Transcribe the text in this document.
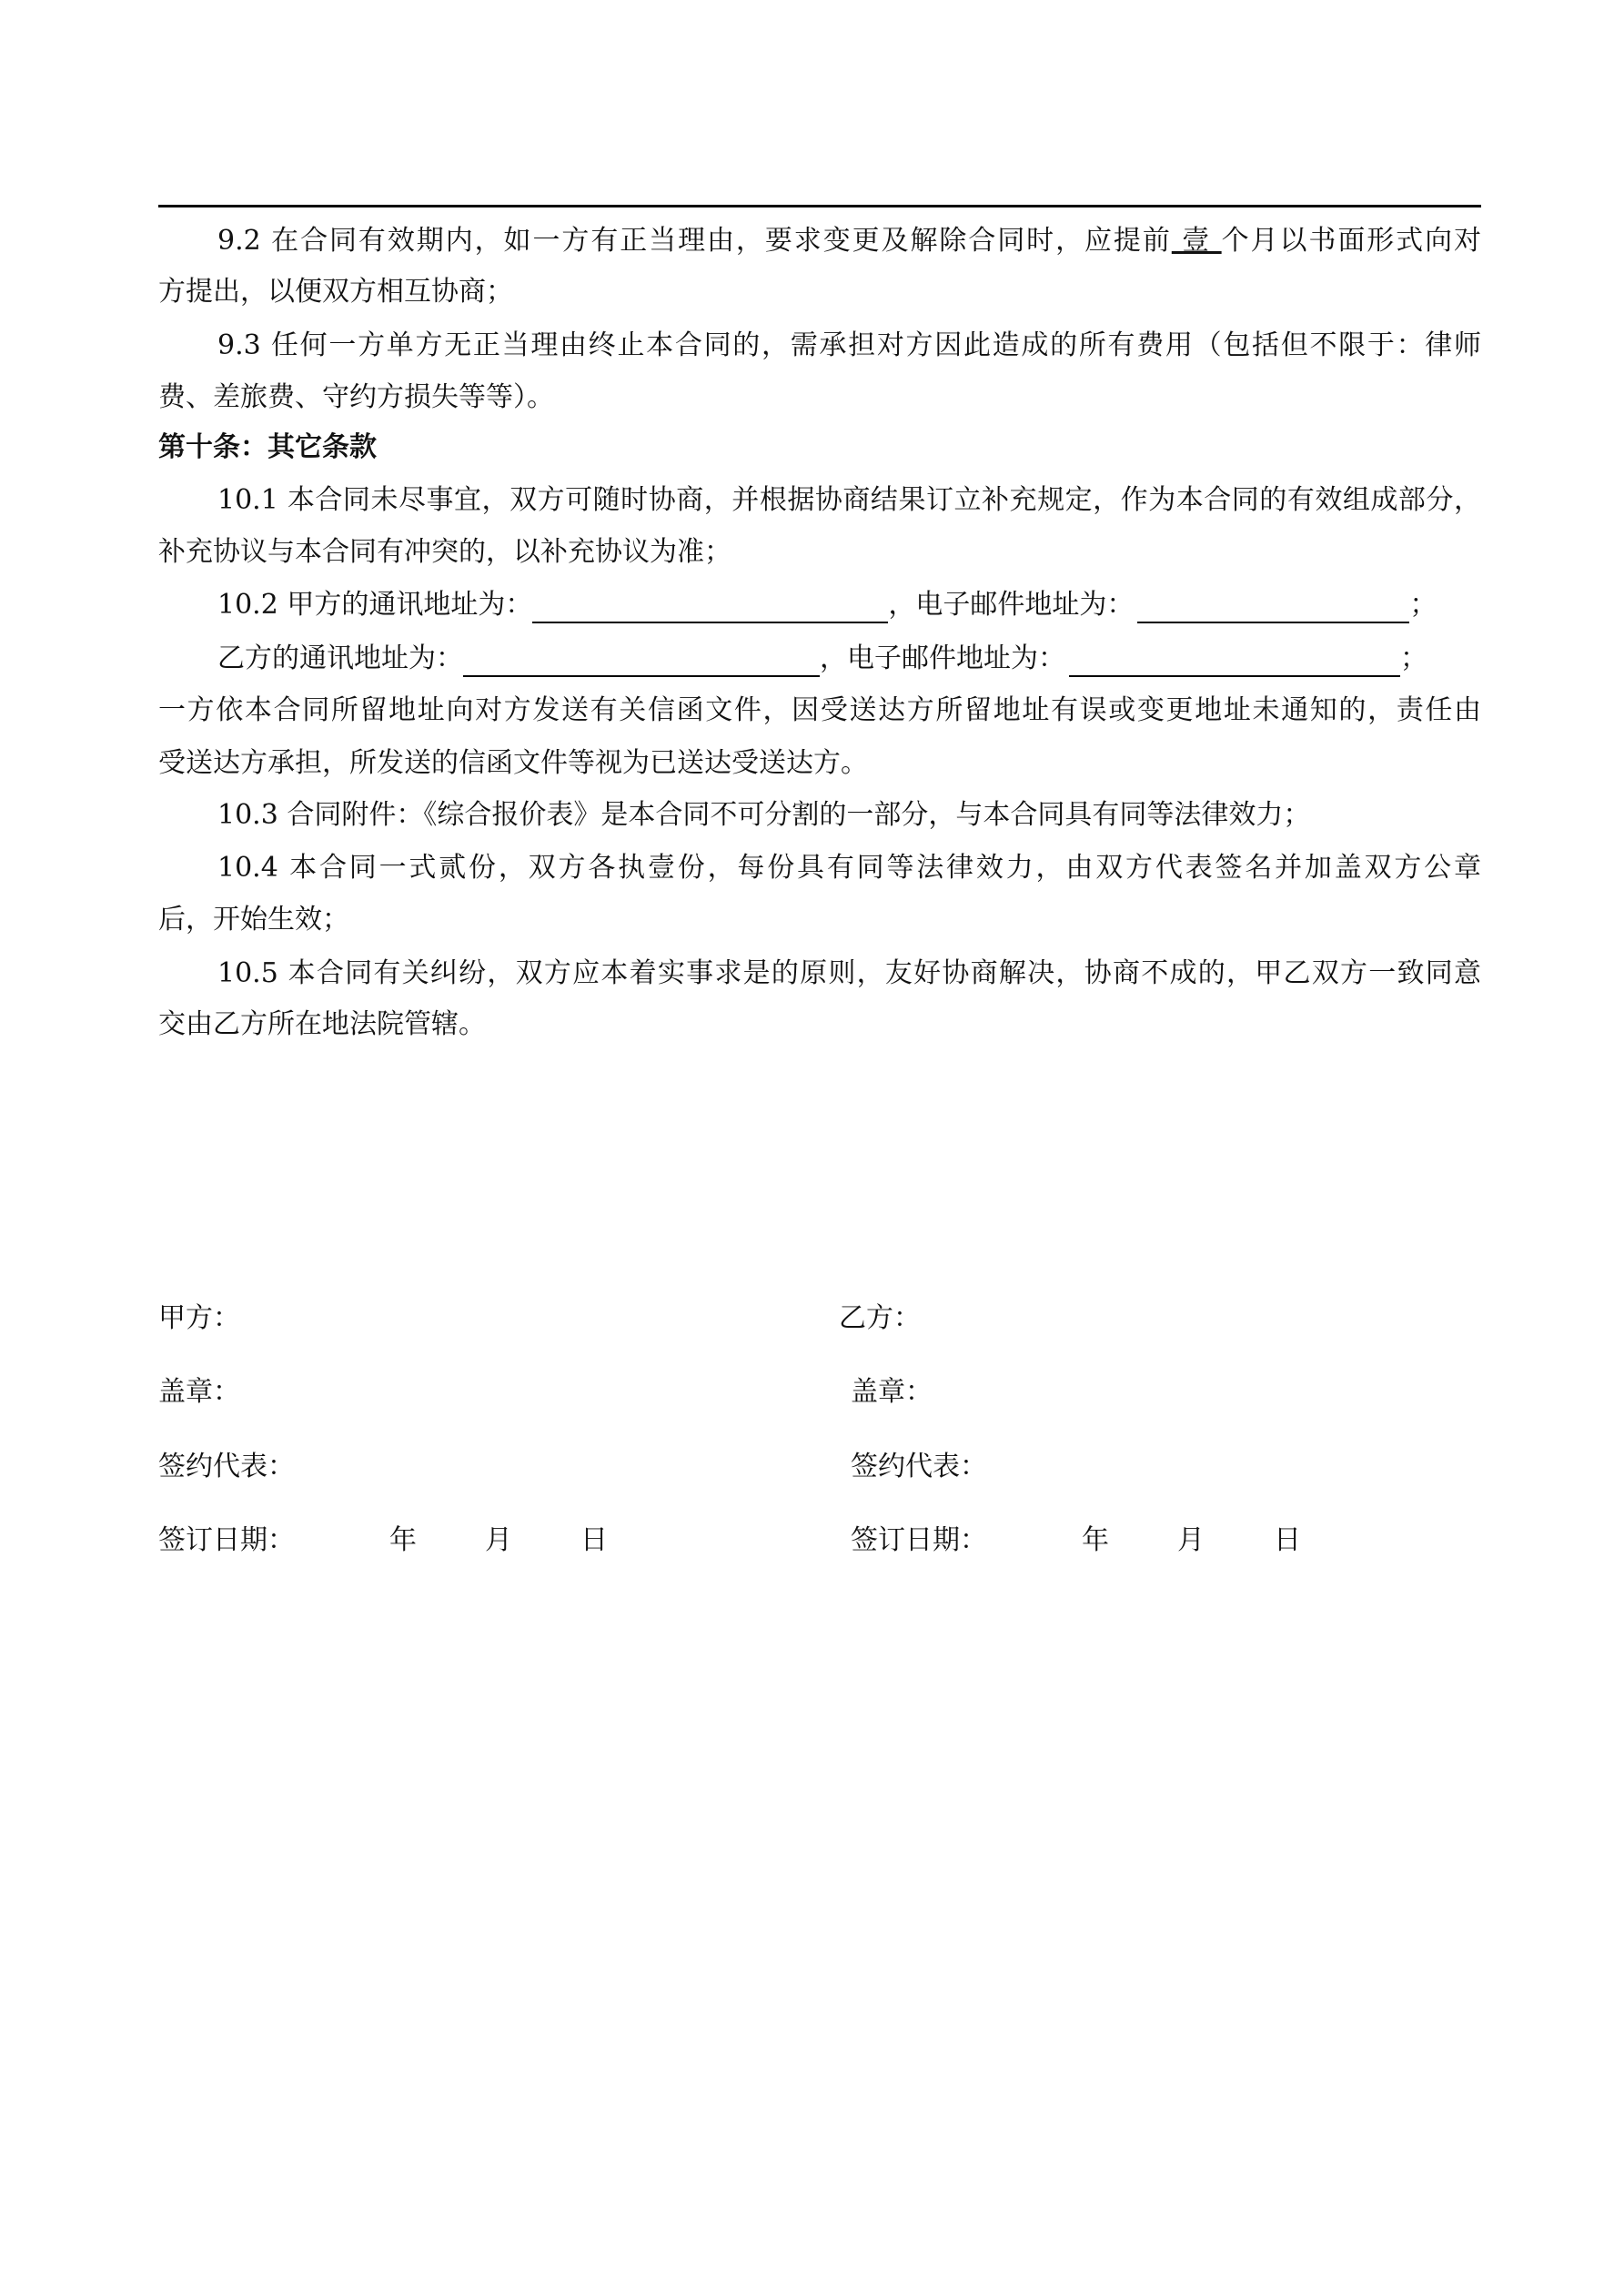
9.2 在合同有效期内，如一方有正当理由，要求变更及解除合同时，应提前 壹 个月以书面形式向对
方提出，以便双方相互协商；
9.3 任何一方单方无正当理由终止本合同的，需承担对方因此造成的所有费用（包括但不限于：律师
费、差旅费、守约方损失等等）。
第十条：其它条款
10.1 本合同未尽事宜，双方可随时协商，并根据协商结果订立补充规定，作为本合同的有效组成部分，
补充协议与本合同有冲突的，以补充协议为准；
10.2 甲方的通讯地址为：	，电子邮件地址为：	；
乙方的通讯地址为：	，电子邮件地址为：	；
一方依本合同所留地址向对方发送有关信函文件，因受送达方所留地址有误或变更地址未通知的，责任由
受送达方承担，所发送的信函文件等视为已送达受送达方。
10.3 合同附件：《综合报价表》是本合同不可分割的一部分，与本合同具有同等法律效力；
10.4 本合同一式贰份，双方各执壹份，每份具有同等法律效力，由双方代表签名并加盖双方公章
后，开始生效；
10.5 本合同有关纠纷，双方应本着实事求是的原则，友好协商解决，协商不成的，甲乙双方一致同意
交由乙方所在地法院管辖。
甲方：	乙方：
盖章：	盖章：
签约代表：	签约代表：
签订日期：	年	月	日	签订日期：	年	月	日
